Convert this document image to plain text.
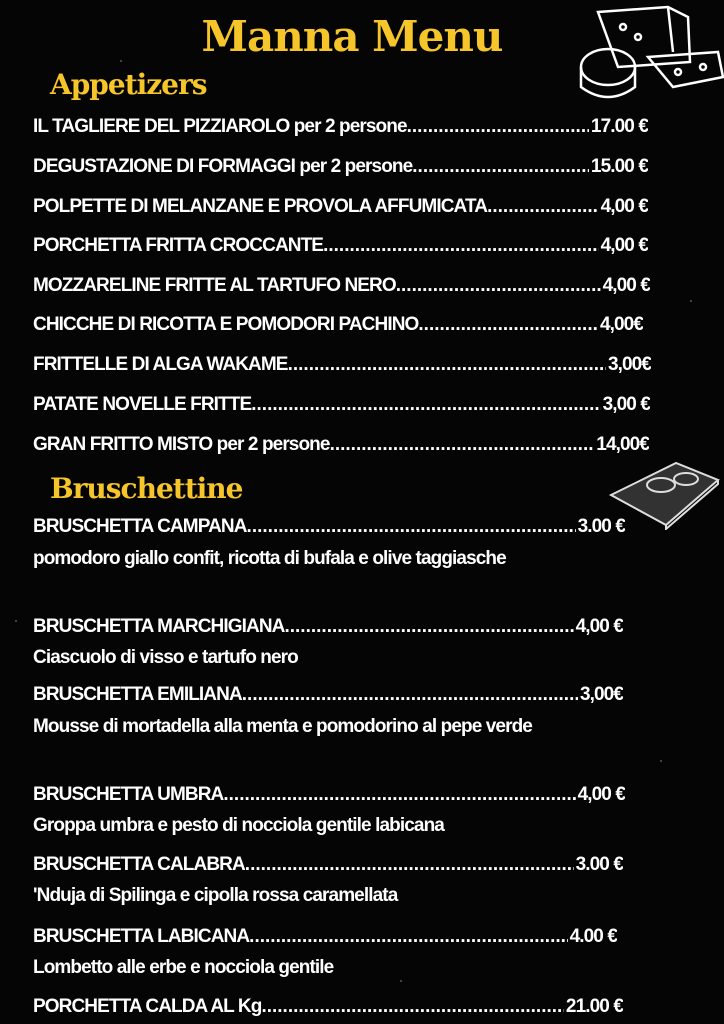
Manna Menu
Appetizers
IL TAGLIERE DEL PIZZIAROLO per 2 persone .....	17.00 €
DEGUSTAZIONE DI FORMAGGI per 2 persone .....	15.00 €
POLPETTE DI MELANZANE E PROVOLA AFFUMICATA .....	4,00 €
PORCHETTA FRITTA CROCCANTE .....	4,00 €
MOZZARELINE FRITTE AL TARTUFO NERO .....	4,00 €
CHICCHE DI RICOTTA E POMODORI PACHINO .....	4,00€
FRITTELLE DI ALGA WAKAME .....	3,00€
PATATE NOVELLE FRITTE .....	3,00 €
GRAN FRITTO MISTO per 2 persone .....	14,00€
Bruschettine
BRUSCHETTA CAMPANA .....	3.00 €
pomodoro giallo confit, ricotta di bufala e olive taggiasche
BRUSCHETTA MARCHIGIANA .....	4,00 €
Ciascuolo di visso e tartufo nero
BRUSCHETTA EMILIANA .....	3,00€
Mousse di mortadella alla menta e pomodorino al pepe verde
BRUSCHETTA UMBRA .....	4,00 €
Groppa umbra e pesto di nocciola gentile labicana
BRUSCHETTA CALABRA .....	3.00 €
'Nduja di Spilinga e cipolla rossa caramellata
BRUSCHETTA LABICANA .....	4.00 €
Lombetto alle erbe e nocciola gentile
PORCHETTA CALDA AL Kg .....	21.00 €
